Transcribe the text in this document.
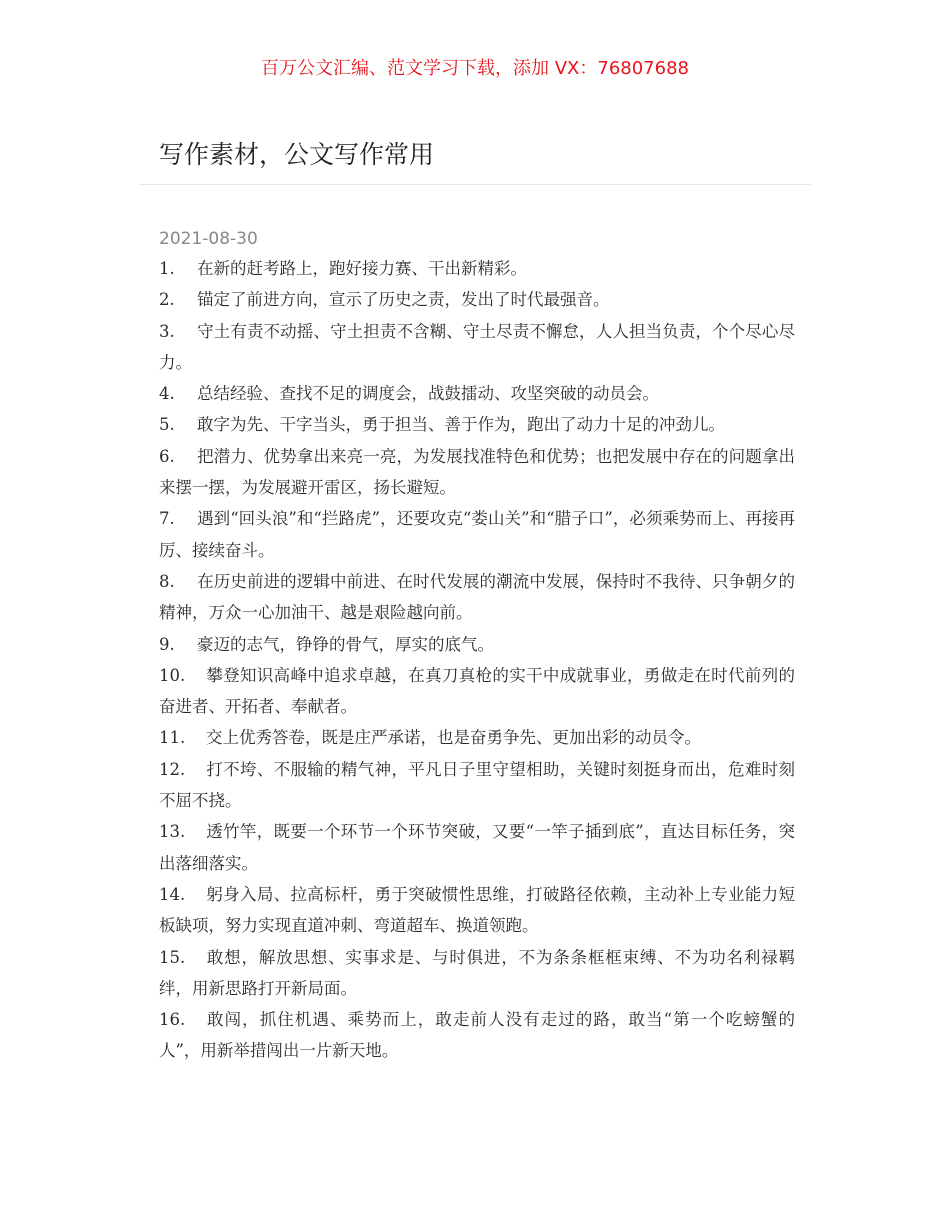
百万公文汇编、范文学习下载，添加 VX：76807688
写作素材，公文写作常用
2021-08-30

1. 在新的赶考路上，跑好接力赛、干出新精彩。

2. 锚定了前进方向，宣示了历史之责，发出了时代最强音。

3. 守土有责不动摇、守土担责不含糊、守土尽责不懈怠，人人担当负责，个个尽心尽力。

4. 总结经验、查找不足的调度会，战鼓擂动、攻坚突破的动员会。

5. 敢字为先、干字当头，勇于担当、善于作为，跑出了动力十足的冲劲儿。

6. 把潜力、优势拿出来亮一亮，为发展找准特色和优势；也把发展中存在的问题拿出来摆一摆，为发展避开雷区，扬长避短。

7. 遇到“回头浪”和“拦路虎”，还要攻克“娄山关”和“腊子口”，必须乘势而上、再接再厉、接续奋斗。

8. 在历史前进的逻辑中前进、在时代发展的潮流中发展，保持时不我待、只争朝夕的精神，万众一心加油干、越是艰险越向前。

9. 豪迈的志气，铮铮的骨气，厚实的底气。

10. 攀登知识高峰中追求卓越，在真刀真枪的实干中成就事业，勇做走在时代前列的奋进者、开拓者、奉献者。

11. 交上优秀答卷，既是庄严承诺，也是奋勇争先、更加出彩的动员令。

12. 打不垮、不服输的精气神，平凡日子里守望相助，关键时刻挺身而出，危难时刻不屈不挠。

13. 透竹竿，既要一个环节一个环节突破，又要“一竿子插到底”，直达目标任务，突出落细落实。

14. 躬身入局、拉高标杆，勇于突破惯性思维，打破路径依赖，主动补上专业能力短板缺项，努力实现直道冲刺、弯道超车、换道领跑。

15. 敢想，解放思想、实事求是、与时俱进，不为条条框框束缚、不为功名利禄羁绊，用新思路打开新局面。

16. 敢闯，抓住机遇、乘势而上，敢走前人没有走过的路，敢当“第一个吃螃蟹的人”，用新举措闯出一片新天地。
